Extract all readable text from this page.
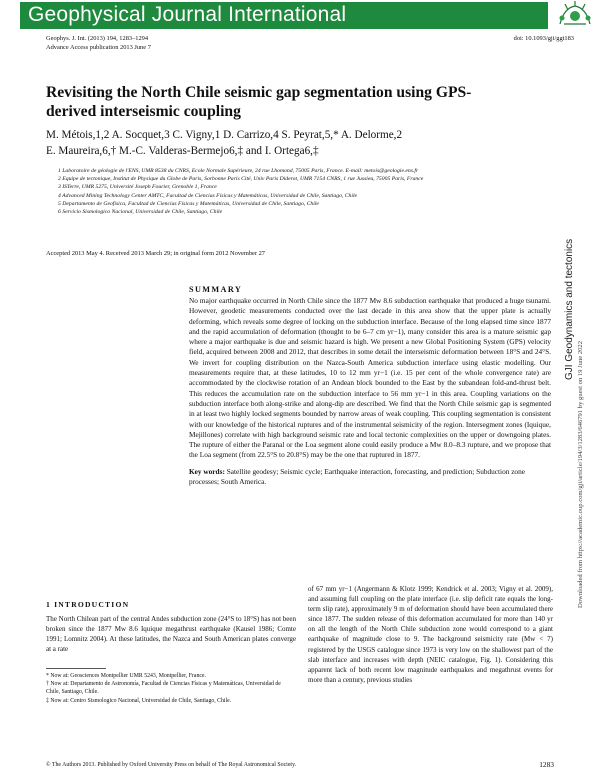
Geophysical Journal International
Geophys. J. Int. (2013) 194, 1283–1294
Advance Access publication 2013 June 7
doi: 10.1093/gji/ggt183
Revisiting the North Chile seismic gap segmentation using GPS-derived interseismic coupling
M. Métois,1,2 A. Socquet,3 C. Vigny,1 D. Carrizo,4 S. Peyrat,5,* A. Delorme,2
E. Maureira,6,† M.-C. Valderas-Bermejo6,‡ and I. Ortega6,‡
1 Laboratoire de géologie de l'ENS, UMR 8538 du CNRS, Ecole Normale Supérieure, 24 rue Lhomond, 75005 Paris, France. E-mail: metois@geologie.ens.fr
2 Equipe de tectonique, Institut de Physique du Globe de Paris, Sorbonne Paris Cité, Univ Paris Diderot, UMR 7154 CNRS, 1 rue Jussieu, 75005 Paris, France
3 ISTerre, UMR 5275, Université Joseph Fourier, Grenoble 1, France
4 Advanced Mining Technology Center AMTC, Facultad de Ciencias Físicas y Matemáticas, Universidad de Chile, Santiago, Chile
5 Departamento de Geofísica, Facultad de Ciencias Físicas y Matemáticas, Universidad de Chile, Santiago, Chile
6 Servicio Sismologico Nacional, Universidad de Chile, Santiago, Chile
Accepted 2013 May 4. Received 2013 March 29; in original form 2012 November 27
SUMMARY
No major earthquake occurred in North Chile since the 1877 Mw 8.6 subduction earthquake that produced a huge tsunami. However, geodetic measurements conducted over the last decade in this area show that the upper plate is actually deforming, which reveals some degree of locking on the subduction interface. Because of the long elapsed time since 1877 and the rapid accumulation of deformation (thought to be 6–7 cm yr−1), many consider this area is a mature seismic gap where a major earthquake is due and seismic hazard is high. We present a new Global Positioning System (GPS) velocity field, acquired between 2008 and 2012, that describes in some detail the interseismic deformation between 18°S and 24°S. We invert for coupling distribution on the Nazca-South America subduction interface using elastic modelling. Our measurements require that, at these latitudes, 10 to 12 mm yr−1 (i.e. 15 per cent of the whole convergence rate) are accommodated by the clockwise rotation of an Andean block bounded to the East by the subandean fold-and-thrust belt. This reduces the accumulation rate on the subduction interface to 56 mm yr−1 in this area. Coupling variations on the subduction interface both along-strike and along-dip are described. We find that the North Chile seismic gap is segmented in at least two highly locked segments bounded by narrow areas of weak coupling. This coupling segmentation is consistent with our knowledge of the historical ruptures and of the instrumental seismicity of the region. Intersegment zones (Iquique, Mejillones) correlate with high background seismic rate and local tectonic complexities on the upper or downgoing plates. The rupture of either the Paranal or the Loa segment alone could easily produce a Mw 8.0–8.3 rupture, and we propose that the Loa segment (from 22.5°S to 20.8°S) may be the one that ruptured in 1877.
Key words: Satellite geodesy; Seismic cycle; Earthquake interaction, forecasting, and prediction; Subduction zone processes; South America.
1 INTRODUCTION
The North Chilean part of the central Andes subduction zone (24°S to 18°S) has not been broken since the 1877 Mw 8.6 Iquique megathrust earthquake (Kausel 1986; Comte 1991; Lomnitz 2004). At these latitudes, the Nazca and South American plates converge at a rate
* Now at: Geosciences Montpellier UMR 5243, Montpellier, France.
† Now at: Departamento de Astronomía, Facultad de Ciencias Físicas y Matemáticas, Universidad de Chile, Santiago, Chile.
‡ Now at: Centro Sismologico Nacional, Universidad de Chile, Santiago, Chile.
of 67 mm yr−1 (Angermann & Klotz 1999; Kendrick et al. 2003; Vigny et al. 2009), and assuming full coupling on the plate interface (i.e. slip deficit rate equals the long-term slip rate), approximately 9 m of deformation should have been accumulated there since 1877. The sudden release of this deformation accumulated for more than 140 yr on all the length of the North Chile subduction zone would correspond to a giant earthquake of magnitude close to 9. The background seismicity rate (Mw < 7) registered by the USGS catalogue since 1973 is very low on the shallowest part of the slab interface and increases with depth (NEIC catalogue, Fig. 1). Considering this apparent lack of both recent low magnitude earthquakes and megathrust events for more than a century, previous studies
© The Authors 2013. Published by Oxford University Press on behalf of The Royal Astronomical Society.	1283
GJI Geodynamics and tectonics
Downloaded from https://academic.oup.com/gji/article/194/3/1283/646791 by guest on 19 June 2022
